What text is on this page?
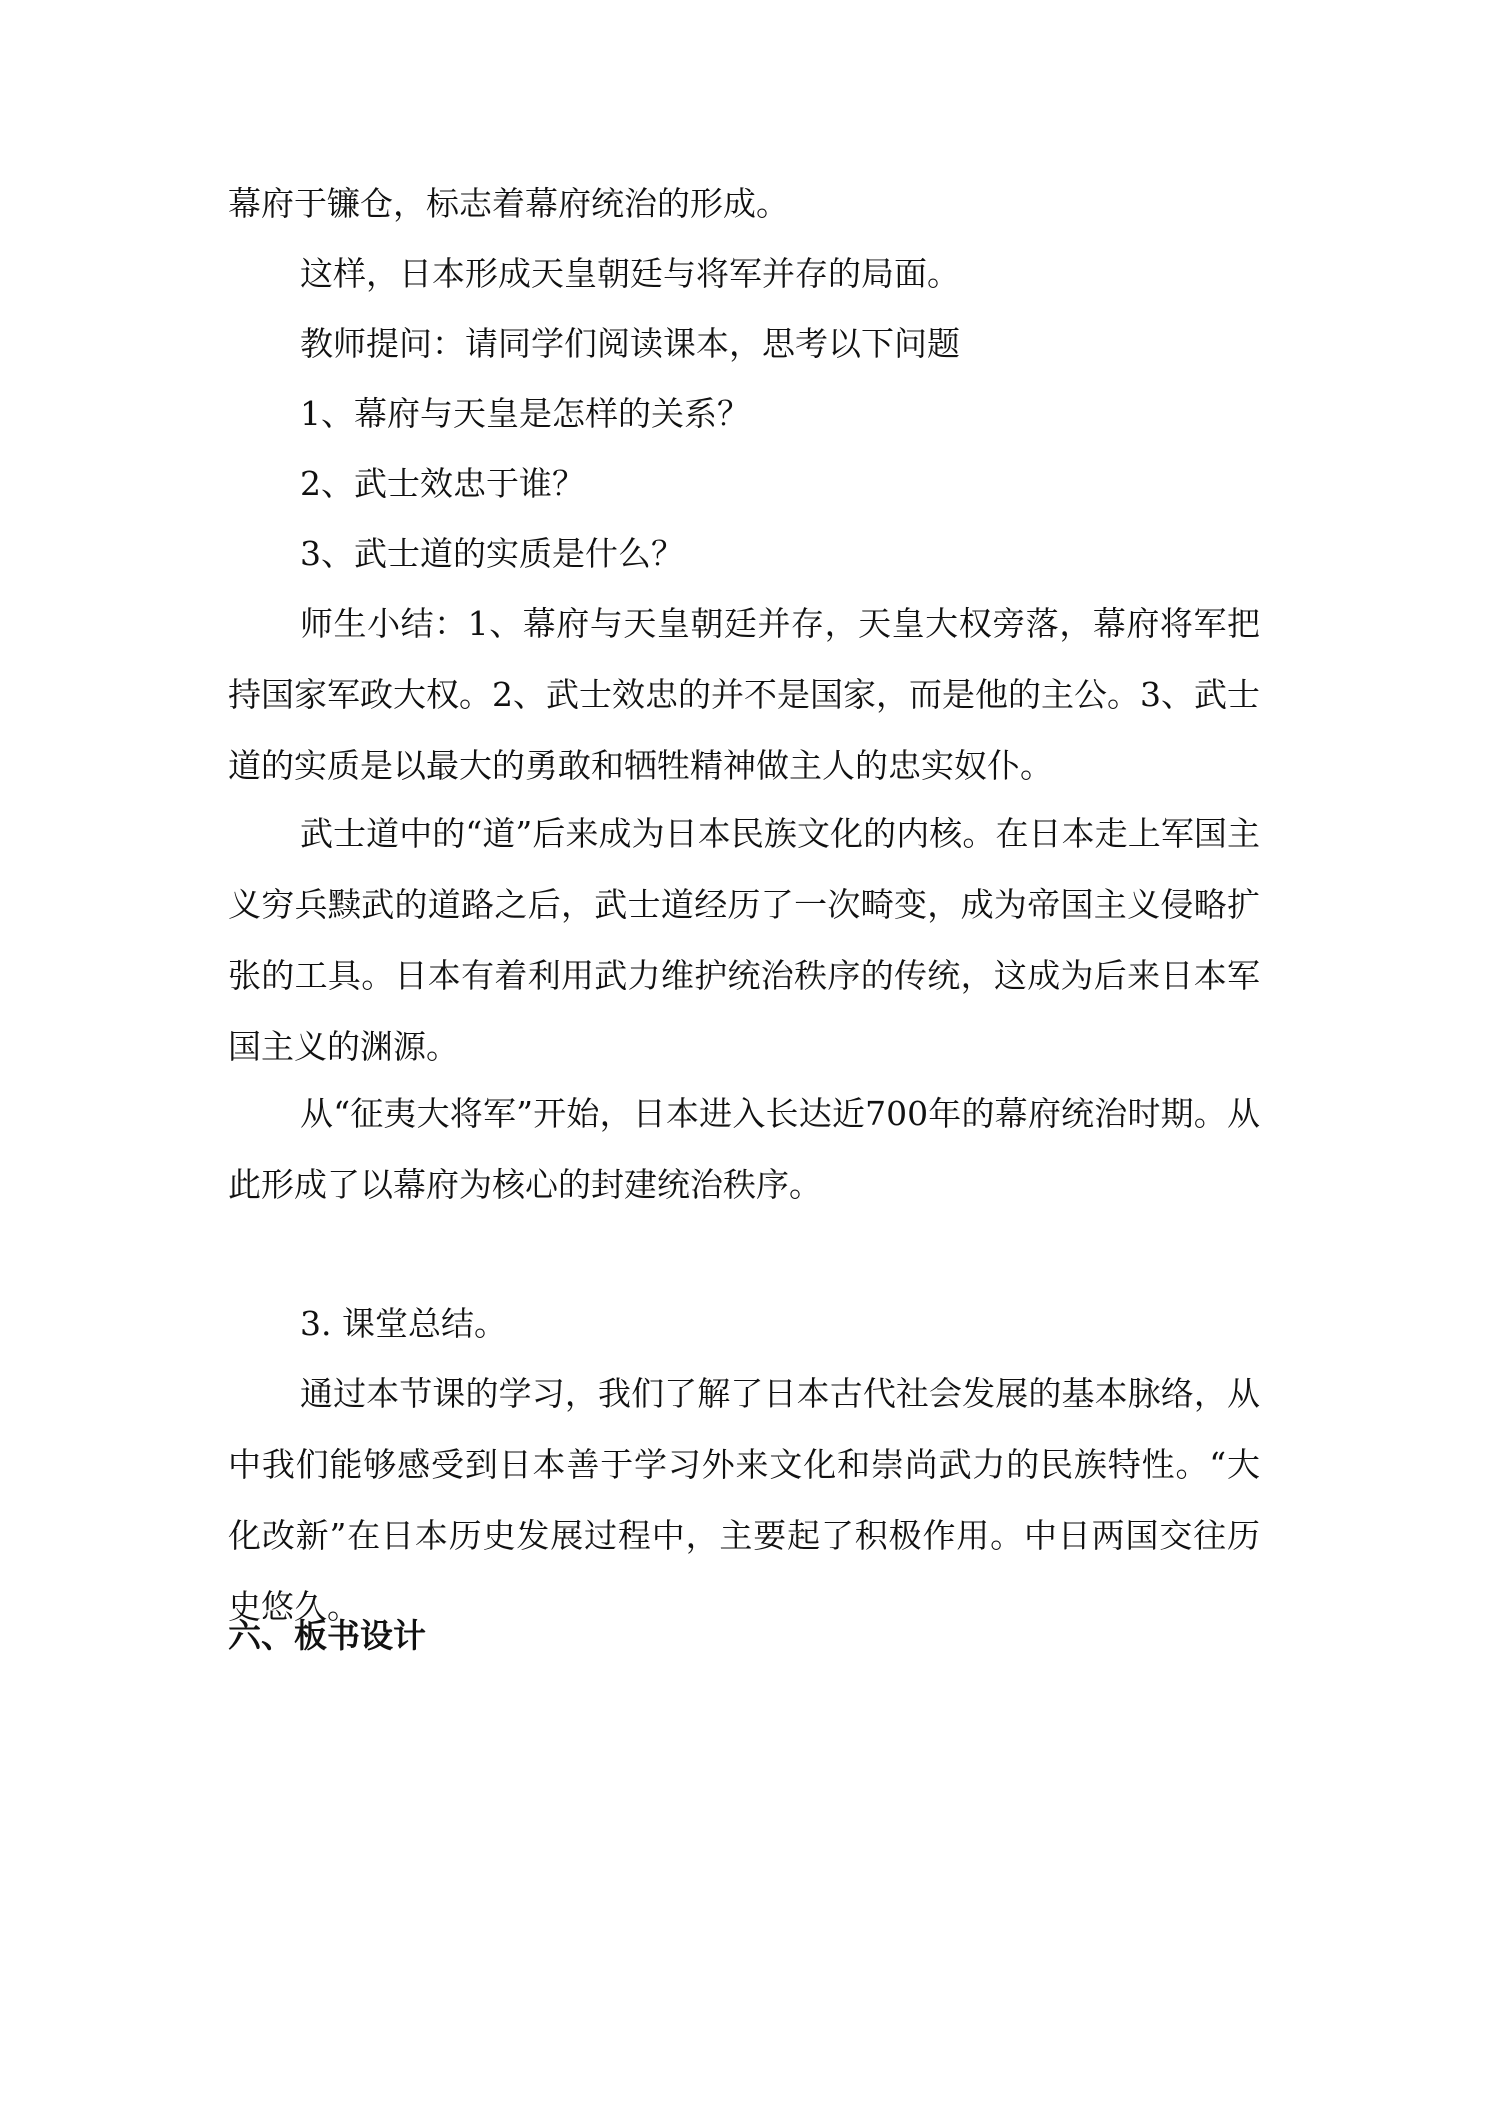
幕府于镰仓，标志着幕府统治的形成。

这样，日本形成天皇朝廷与将军并存的局面。

教师提问：请同学们阅读课本，思考以下问题

1、幕府与天皇是怎样的关系？

2、武士效忠于谁？

3、武士道的实质是什么？

师生小结：1、幕府与天皇朝廷并存，天皇大权旁落，幕府将军把持国家军政大权。2、武士效忠的并不是国家，而是他的主公。3、武士道的实质是以最大的勇敢和牺牲精神做主人的忠实奴仆。

武士道中的“道”后来成为日本民族文化的内核。在日本走上军国主义穷兵黩武的道路之后，武士道经历了一次畸变，成为帝国主义侵略扩张的工具。日本有着利用武力维护统治秩序的传统，这成为后来日本军国主义的渊源。

从“征夷大将军”开始，日本进入长达近700年的幕府统治时期。从此形成了以幕府为核心的封建统治秩序。

3. 课堂总结。

通过本节课的学习，我们了解了日本古代社会发展的基本脉络，从中我们能够感受到日本善于学习外来文化和崇尚武力的民族特性。“大化改新”在日本历史发展过程中，主要起了积极作用。中日两国交往历史悠久。

六、板书设计
